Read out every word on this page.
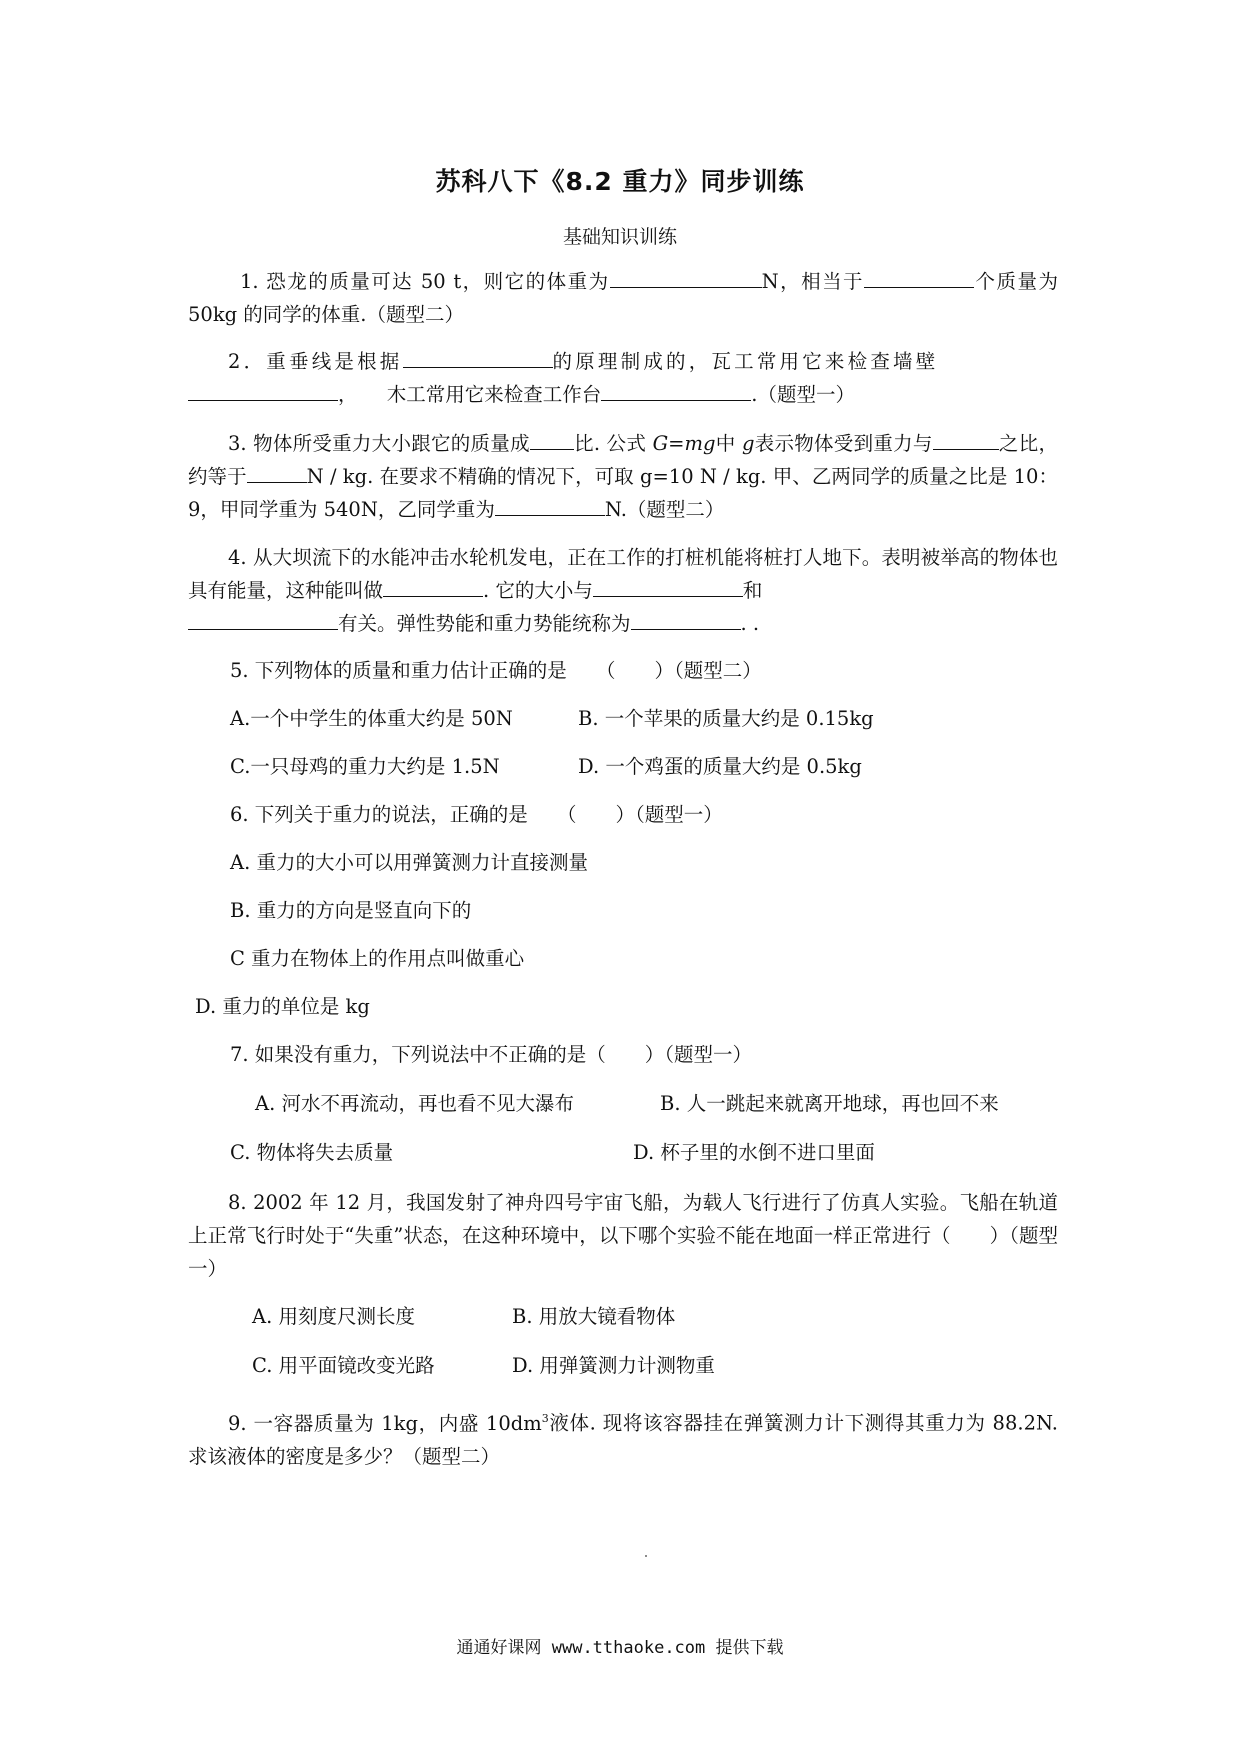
苏科八下《8.2 重力》同步训练
基础知识训练
1. 恐龙的质量可达 50 t，则它的体重为	N，相当于	个质量为 50kg 的同学的体重.（题型二）
2．重垂线是根据	的原理制成的，瓦工常用它来检查墙壁
，　　木工常用它来检查工作台	.（题型一）
3. 物体所受重力大小跟它的质量成 比. 公式 G=mg中 g表示物体受到重力与	之比，约等于	N / kg. 在要求不精确的情况下，可取 g=10 N / kg. 甲、乙两同学的质量之比是 10：9，甲同学重为 540N，乙同学重为	N.（题型二）
4. 从大坝流下的水能冲击水轮机发电，正在工作的打桩机能将桩打人地下。表明被举高的物体也具有能量，这种能叫做	. 它的大小与	和
有关。弹性势能和重力势能统称为	. .
5. 下列物体的质量和重力估计正确的是　　（　　）（题型二）
A.一个中学生的体重大约是 50N	B. 一个苹果的质量大约是 0.15kg
C.一只母鸡的重力大约是 1.5N	D. 一个鸡蛋的质量大约是 0.5kg
6. 下列关于重力的说法，正确的是　　（　　）（题型一）
A. 重力的大小可以用弹簧测力计直接测量
B. 重力的方向是竖直向下的
C 重力在物体上的作用点叫做重心
D. 重力的单位是 kg
7. 如果没有重力，下列说法中不正确的是（　　）（题型一）
A. 河水不再流动，再也看不见大瀑布	B. 人一跳起来就离开地球，再也回不来
C. 物体将失去质量	D. 杯子里的水倒不进口里面
8. 2002 年 12 月，我国发射了神舟四号宇宙飞船，为载人飞行进行了仿真人实验。飞船在轨道上正常飞行时处于“失重”状态，在这种环境中，以下哪个实验不能在地面一样正常进行（　　）（题型一）
A. 用刻度尺测长度	B. 用放大镜看物体
C. 用平面镜改变光路	D. 用弹簧测力计测物重
9. 一容器质量为 1kg，内盛 $10dm^3$液体. 现将该容器挂在弹簧测力计下测得其重力为 88.2N. 求该液体的密度是多少？（题型二）
通通好课网 www.tthaoke.com 提供下载
